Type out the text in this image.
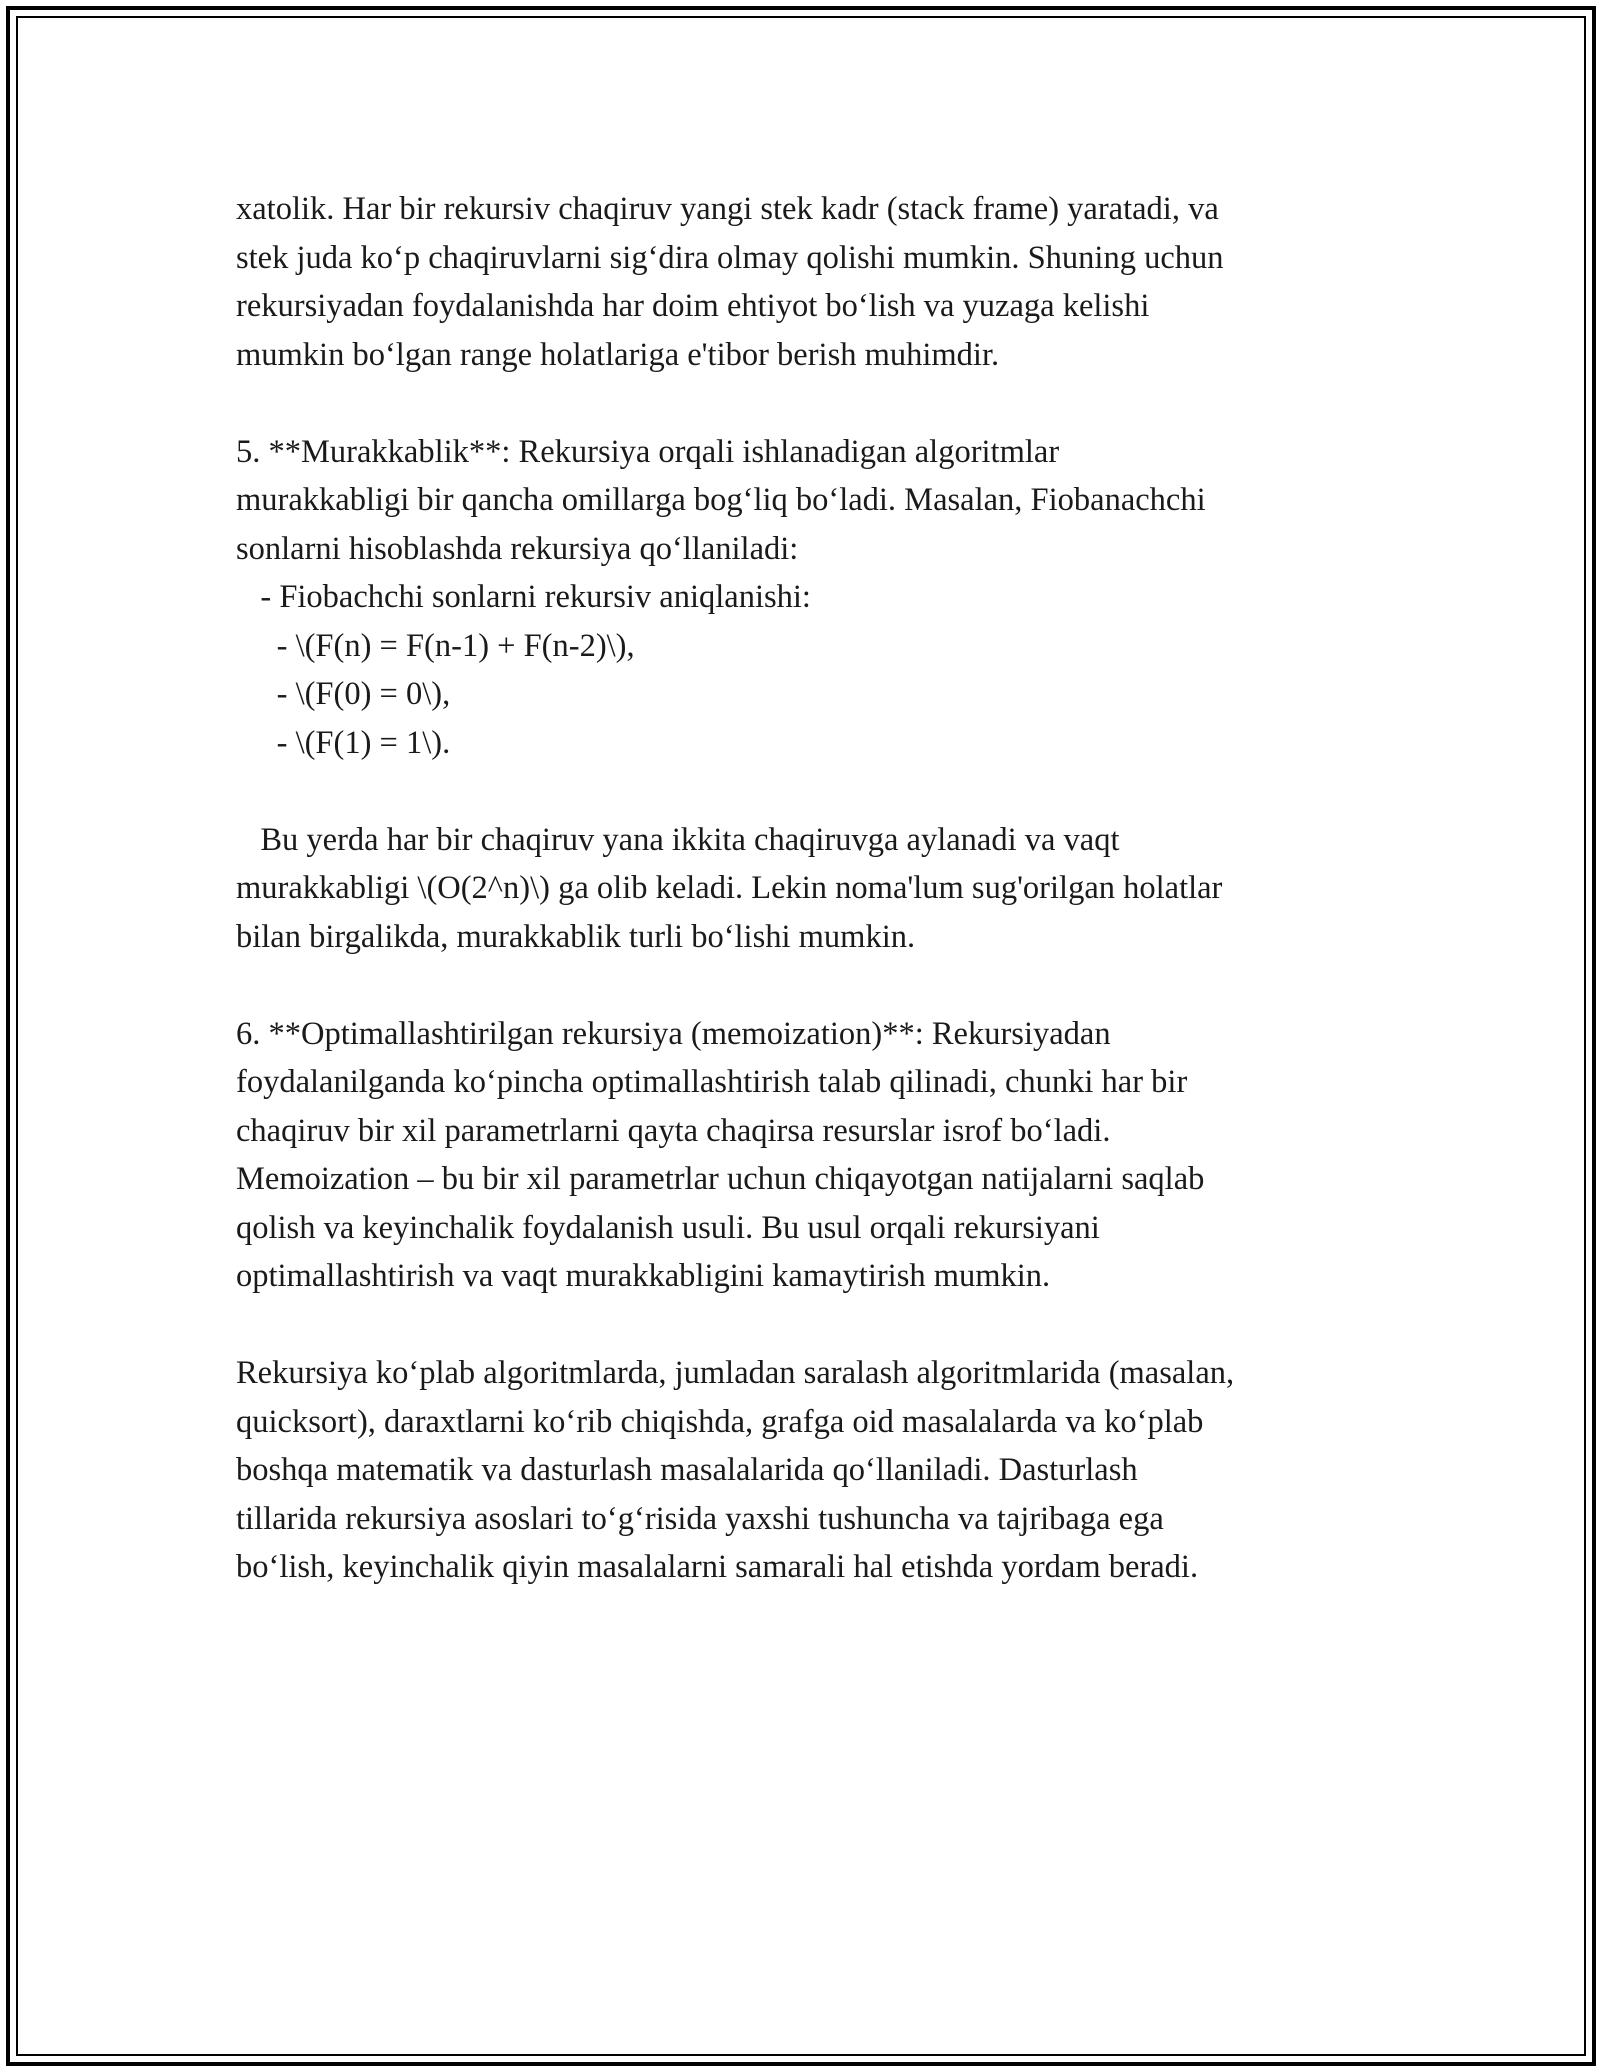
xatolik. Har bir rekursiv chaqiruv yangi stek kadr (stack frame) yaratadi, va
stek juda ko‘p chaqiruvlarni sig‘dira olmay qolishi mumkin. Shuning uchun
rekursiyadan foydalanishda har doim ehtiyot bo‘lish va yuzaga kelishi
mumkin bo‘lgan range holatlariga e'tibor berish muhimdir.
5. **Murakkablik**: Rekursiya orqali ishlanadigan algoritmlar
murakkabligi bir qancha omillarga bog‘liq bo‘ladi. Masalan, Fiobanachchi
sonlarni hisoblashda rekursiya qo‘llaniladi:
- Fiobachchi sonlarni rekursiv aniqlanishi:
- \(F(n) = F(n-1) + F(n-2)\),
- \(F(0) = 0\),
- \(F(1) = 1\).
Bu yerda har bir chaqiruv yana ikkita chaqiruvga aylanadi va vaqt
murakkabligi \(O(2^n)\) ga olib keladi. Lekin noma'lum sug'orilgan holatlar
bilan birgalikda, murakkablik turli bo‘lishi mumkin.
6. **Optimallashtirilgan rekursiya (memoization)**: Rekursiyadan
foydalanilganda ko‘pincha optimallashtirish talab qilinadi, chunki har bir
chaqiruv bir xil parametrlarni qayta chaqirsa resurslar isrof bo‘ladi.
Memoization – bu bir xil parametrlar uchun chiqayotgan natijalarni saqlab
qolish va keyinchalik foydalanish usuli. Bu usul orqali rekursiyani
optimallashtirish va vaqt murakkabligini kamaytirish mumkin.
Rekursiya ko‘plab algoritmlarda, jumladan saralash algoritmlarida (masalan,
quicksort), daraxtlarni ko‘rib chiqishda, grafga oid masalalarda va ko‘plab
boshqa matematik va dasturlash masalalarida qo‘llaniladi. Dasturlash
tillarida rekursiya asoslari to‘g‘risida yaxshi tushuncha va tajribaga ega
bo‘lish, keyinchalik qiyin masalalarni samarali hal etishda yordam beradi.
